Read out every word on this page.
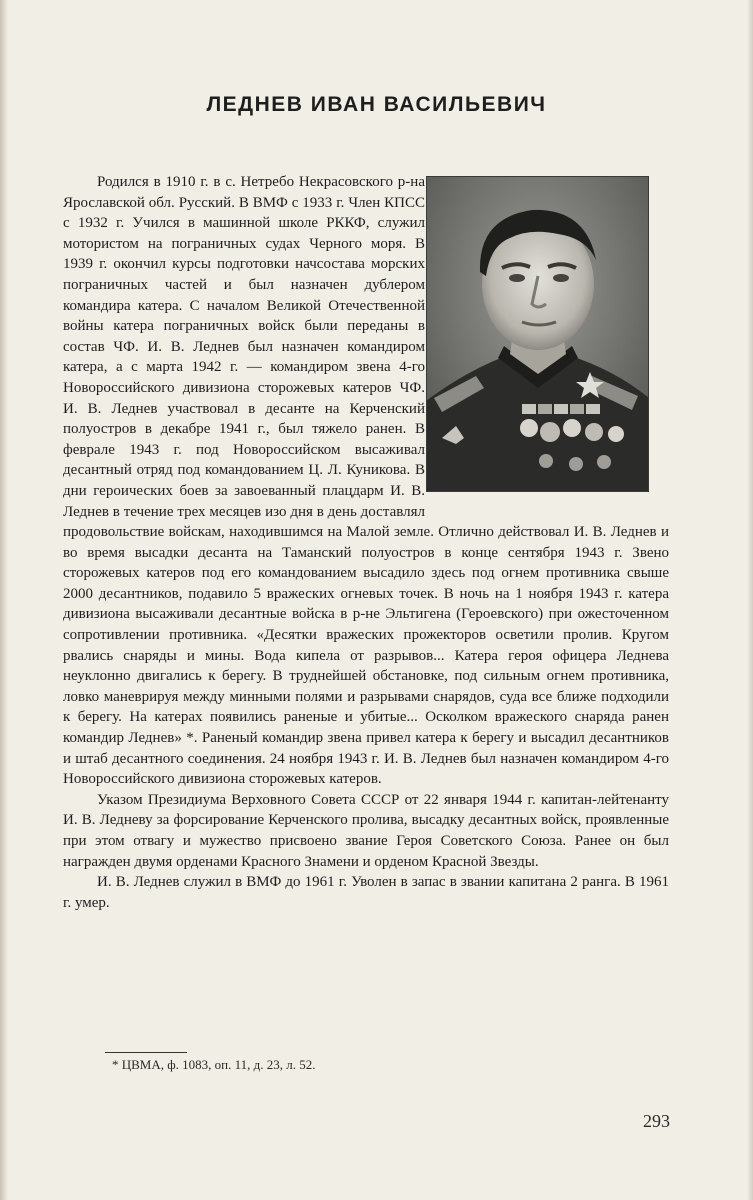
ЛЕДНЕВ ИВАН ВАСИЛЬЕВИЧ

Родился в 1910 г. в с. Нетребо Некрасовского р-на Ярославской обл. Русский. В ВМФ с 1933 г. Член КПСС с 1932 г. Учился в машинной школе РККФ, служил мотористом на пограничных судах Черного моря. В 1939 г. окончил курсы подготовки начсостава морских пограничных частей и был назначен дублером командира катера. С началом Великой Отечественной войны катера пограничных войск были переданы в состав ЧФ. И. В. Леднев был назначен командиром катера, а с марта 1942 г. — командиром звена 4-го Новороссийского дивизиона сторожевых катеров ЧФ. И. В. Леднев участвовал в десанте на Керченский полуостров в декабре 1941 г., был тяжело ранен. В феврале 1943 г. под Новороссийском высаживал десантный отряд под командованием Ц. Л. Куникова. В дни героических боев за завоеванный плацдарм И. В. Леднев в течение трех месяцев изо дня в день доставлял продовольствие войскам, находившимся на Малой земле. Отлично действовал И. В. Леднев и во время высадки десанта на Таманский полуостров в конце сентября 1943 г. Звено сторожевых катеров под его командованием высадило здесь под огнем противника свыше 2000 десантников, подавило 5 вражеских огневых точек. В ночь на 1 ноября 1943 г. катера дивизиона высаживали десантные войска в р-не Эльтигена (Героевского) при ожесточенном сопротивлении противника. «Десятки вражеских прожекторов осветили пролив. Кругом рвались снаряды и мины. Вода кипела от разрывов... Катера героя офицера Леднева неуклонно двигались к берегу. В труднейшей обстановке, под сильным огнем противника, ловко маневрируя между минными полями и разрывами снарядов, суда все ближе подходили к берегу. На катерах появились раненые и убитые... Осколком вражеского снаряда ранен командир Леднев» *. Раненый командир звена привел катера к берегу и высадил десантников и штаб десантного соединения. 24 ноября 1943 г. И. В. Леднев был назначен командиром 4-го Новороссийского дивизиона сторожевых катеров.

Указом Президиума Верховного Совета СССР от 22 января 1944 г. капитан-лейтенанту И. В. Ледневу за форсирование Керченского пролива, высадку десантных войск, проявленные при этом отвагу и мужество присвоено звание Героя Советского Союза. Ранее он был награжден двумя орденами Красного Знамени и орденом Красной Звезды.

И. В. Леднев служил в ВМФ до 1961 г. Уволен в запас в звании капитана 2 ранга. В 1961 г. умер.

* ЦВМА, ф. 1083, оп. 11, д. 23, л. 52.
293
